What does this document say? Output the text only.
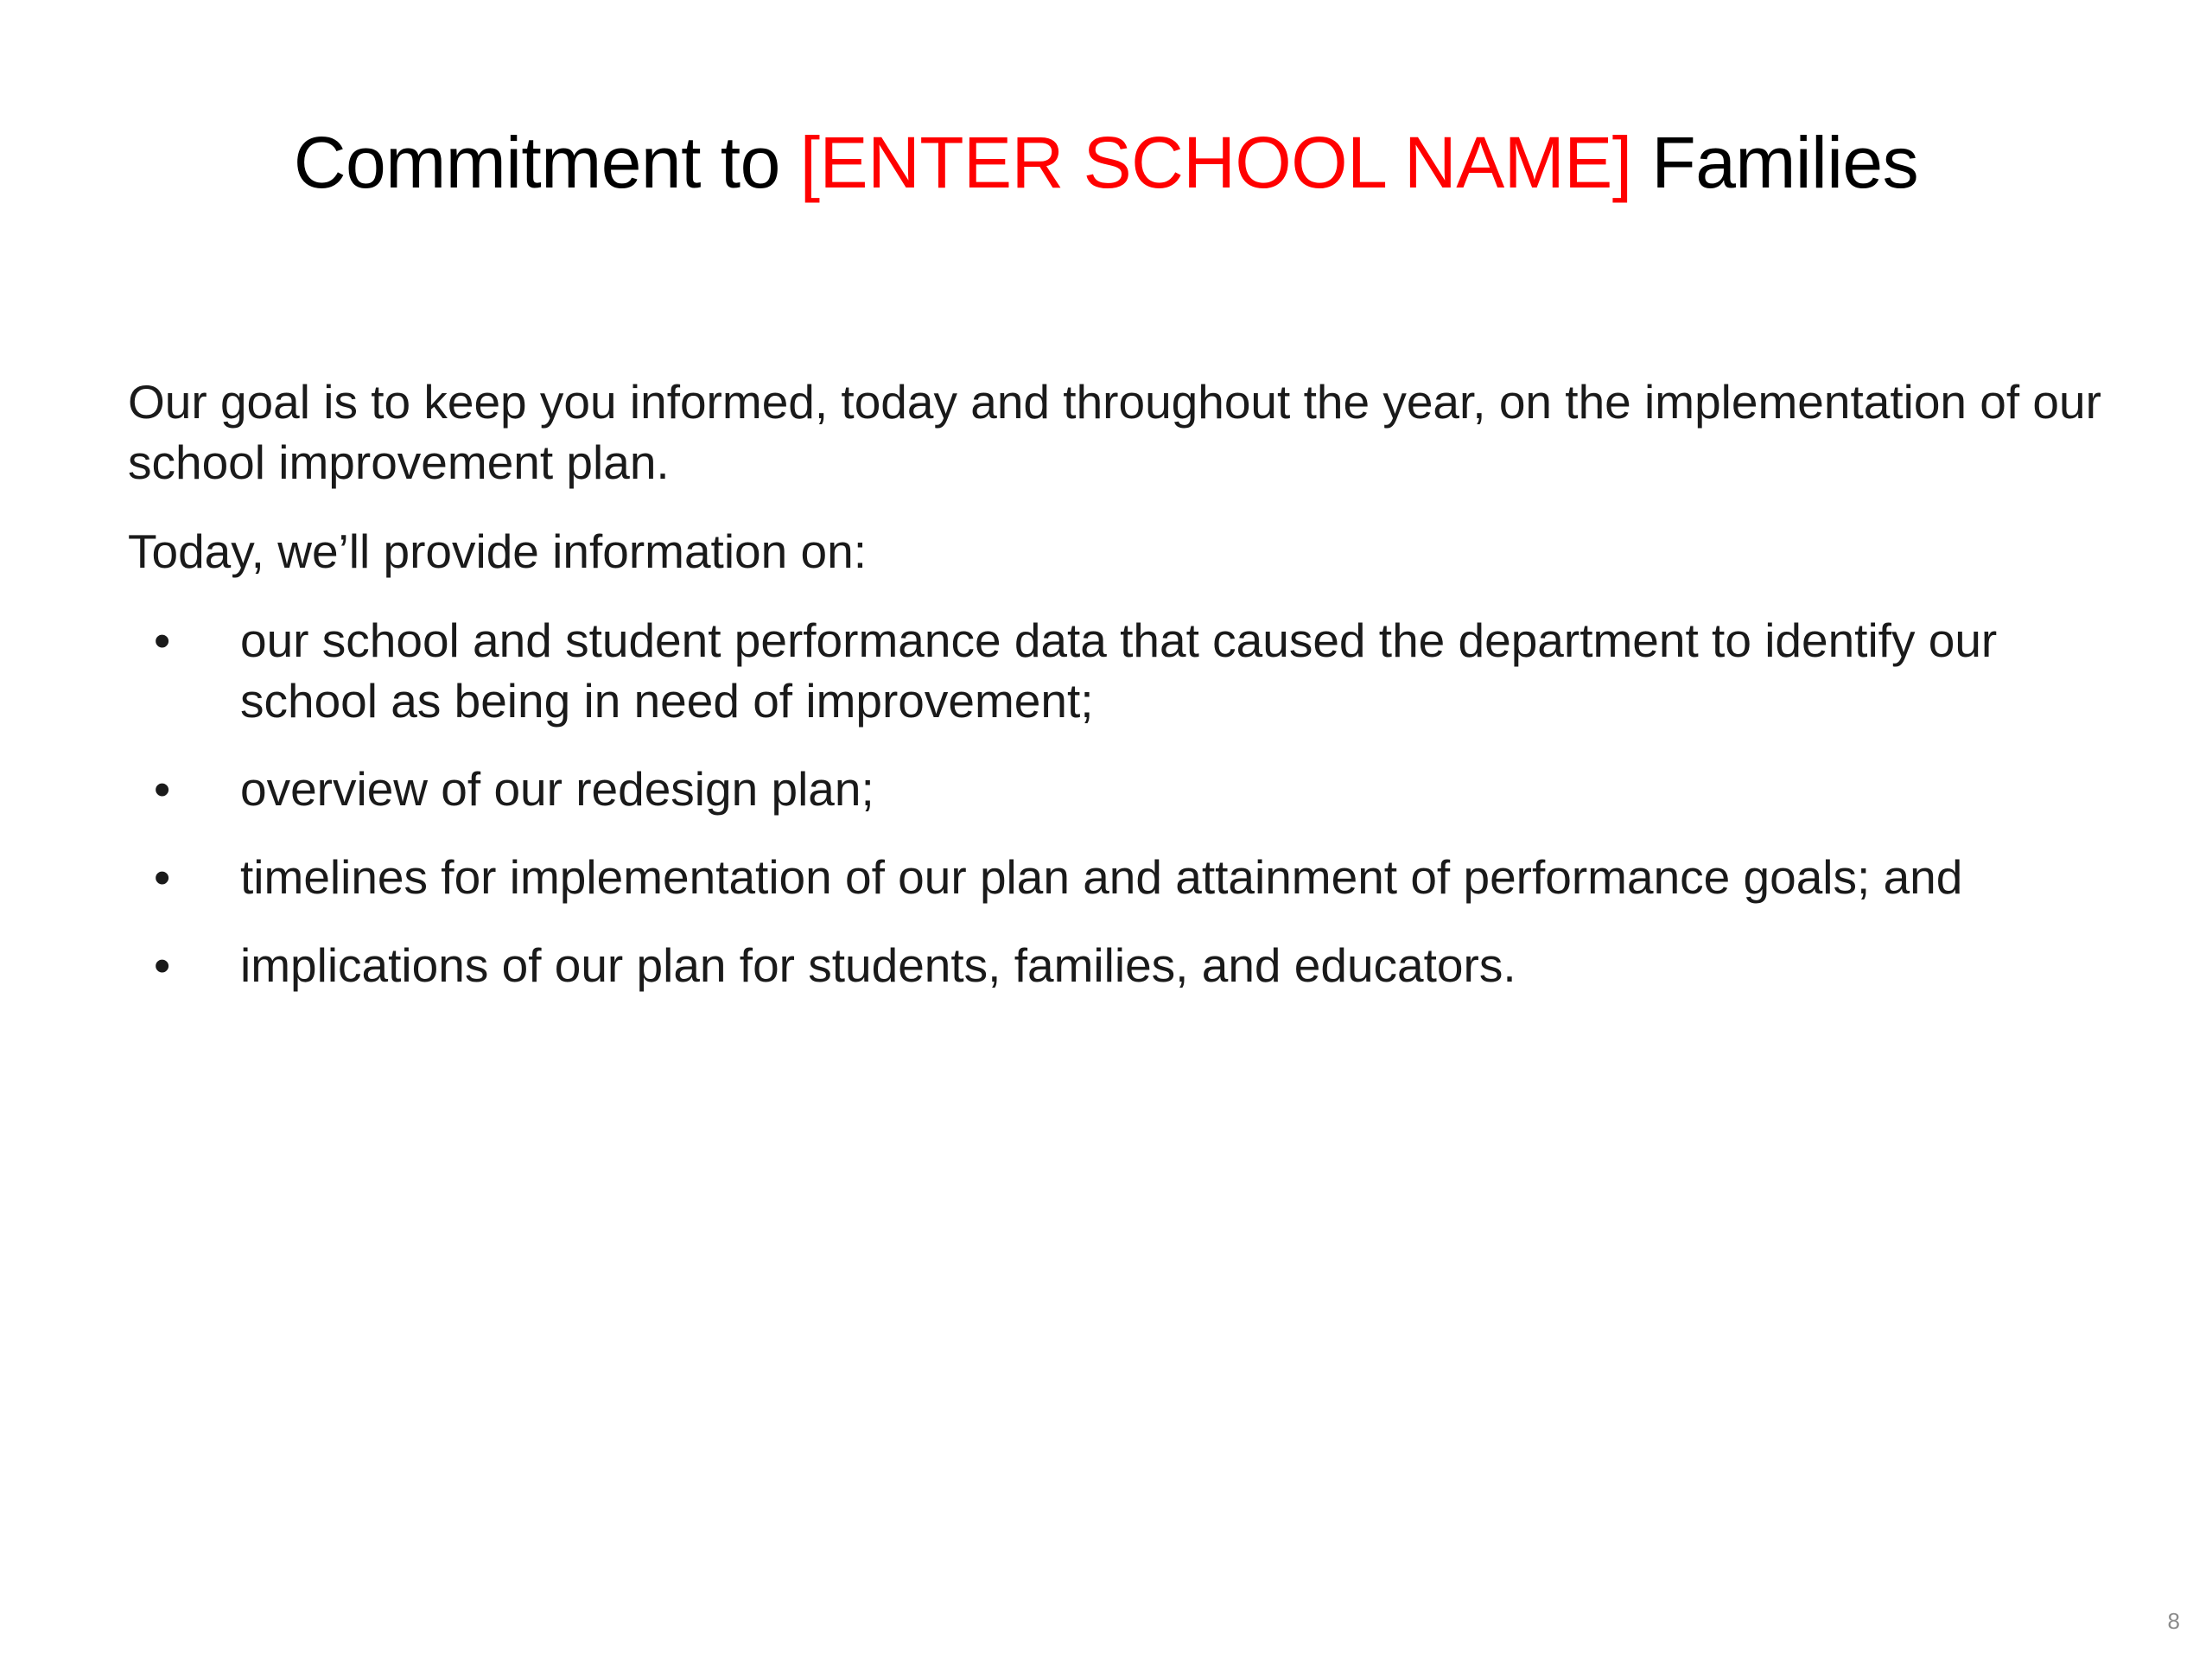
Commitment to [ENTER SCHOOL NAME] Families

Our goal is to keep you informed, today and throughout the year, on the implementation of our school improvement plan.

Today, we’ll provide information on:

•	our school and student performance data that caused the department to identify our school as being in need of improvement;
•	overview of our redesign plan;
•	timelines for implementation of our plan and attainment of performance goals; and
•	implications of our plan for students, families, and educators.
8
